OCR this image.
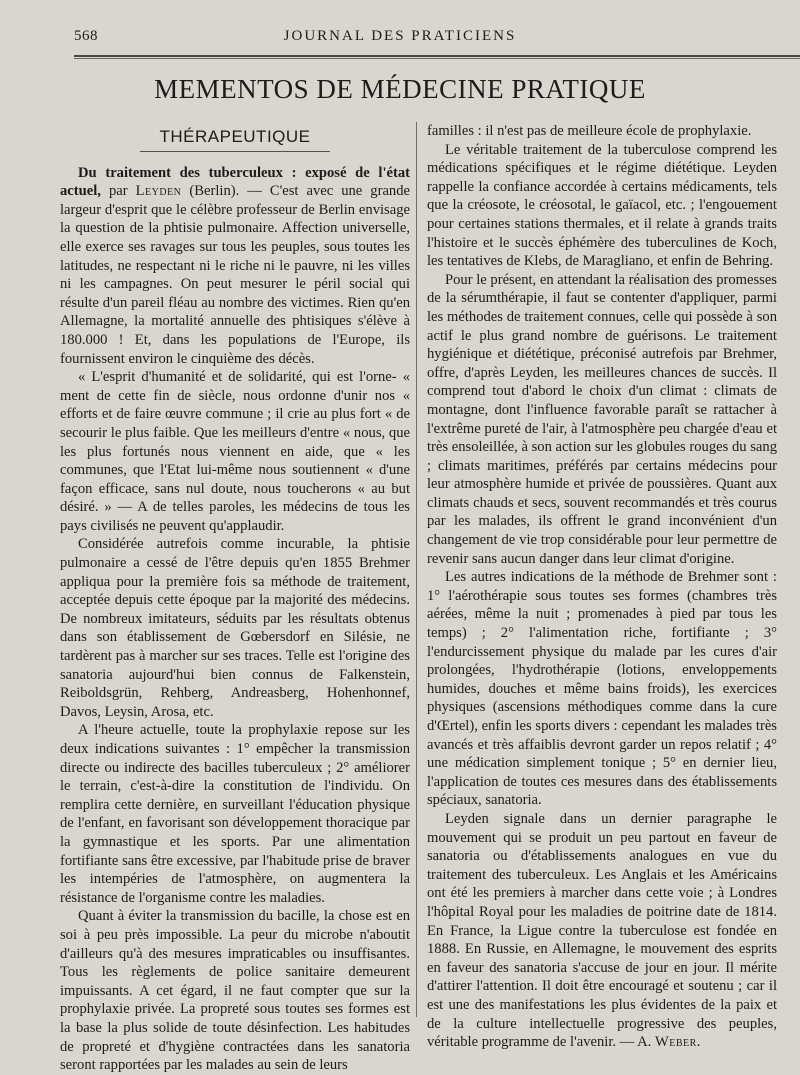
568	JOURNAL DES PRATICIENS
MEMENTOS DE MÉDECINE PRATIQUE
THÉRAPEUTIQUE

Du traitement des tuberculeux : exposé de l'état actuel, par Leyden (Berlin). — C'est avec une grande largeur d'esprit que le célèbre professeur de Berlin envisage la question de la phtisie pulmonaire. Affection universelle, elle exerce ses ravages sur tous les peuples, sous toutes les latitudes, ne respectant ni le riche ni le pauvre, ni les villes ni les campagnes. On peut mesurer le péril social qui résulte d'un pareil fléau au nombre des victimes. Rien qu'en Allemagne, la mortalité annuelle des phtisiques s'élève à 180.000 ! Et, dans les populations de l'Europe, ils fournissent environ le cinquième des décès.

« L'esprit d'humanité et de solidarité, qui est l'orne- « ment de cette fin de siècle, nous ordonne d'unir nos « efforts et de faire œuvre commune ; il crie au plus fort « de secourir le plus faible. Que les meilleurs d'entre « nous, que les plus fortunés nous viennent en aide, que « les communes, que l'Etat lui-même nous soutiennent « d'une façon efficace, sans nul doute, nous toucherons « au but désiré. » — A de telles paroles, les médecins de tous les pays civilisés ne peuvent qu'applaudir.

Considérée autrefois comme incurable, la phtisie pulmonaire a cessé de l'être depuis qu'en 1855 Brehmer appliqua pour la première fois sa méthode de traitement, acceptée depuis cette époque par la majorité des médecins. De nombreux imitateurs, séduits par les résultats obtenus dans son établissement de Gœbersdorf en Silésie, ne tardèrent pas à marcher sur ses traces. Telle est l'origine des sanatoria aujourd'hui bien connus de Falkenstein, Reiboldsgrün, Rehberg, Andreasberg, Hohenhonnef, Davos, Leysin, Arosa, etc.

A l'heure actuelle, toute la prophylaxie repose sur les deux indications suivantes : 1° empêcher la transmission directe ou indirecte des bacilles tuberculeux ; 2° améliorer le terrain, c'est-à-dire la constitution de l'individu. On remplira cette dernière, en surveillant l'éducation physique de l'enfant, en favorisant son développement thoracique par la gymnastique et les sports. Par une alimentation fortifiante sans être excessive, par l'habitude prise de braver les intempéries de l'atmosphère, on augmentera la résistance de l'organisme contre les maladies.

Quant à éviter la transmission du bacille, la chose est en soi à peu près impossible. La peur du microbe n'aboutit d'ailleurs qu'à des mesures impraticables ou insuffisantes. Tous les règlements de police sanitaire demeurent impuissants. A cet égard, il ne faut compter que sur la prophylaxie privée. La propreté sous toutes ses formes est la base la plus solide de toute désinfection. Les habitudes de propreté et d'hygiène contractées dans les sanatoria seront rapportées par les malades au sein de leurs

familles : il n'est pas de meilleure école de prophylaxie.

Le véritable traitement de la tuberculose comprend les médications spécifiques et le régime diététique. Leyden rappelle la confiance accordée à certains médicaments, tels que la créosote, le créosotal, le gaïacol, etc. ; l'engouement pour certaines stations thermales, et il relate à grands traits l'histoire et le succès éphémère des tuberculines de Koch, les tentatives de Klebs, de Maragliano, et enfin de Behring.

Pour le présent, en attendant la réalisation des promesses de la sérumthérapie, il faut se contenter d'appliquer, parmi les méthodes de traitement connues, celle qui possède à son actif le plus grand nombre de guérisons. Le traitement hygiénique et diététique, préconisé autrefois par Brehmer, offre, d'après Leyden, les meilleures chances de succès. Il comprend tout d'abord le choix d'un climat : climats de montagne, dont l'influence favorable paraît se rattacher à l'extrême pureté de l'air, à l'atmosphère peu chargée d'eau et très ensoleillée, à son action sur les globules rouges du sang ; climats maritimes, préférés par certains médecins pour leur atmosphère humide et privée de poussières. Quant aux climats chauds et secs, souvent recommandés et très courus par les malades, ils offrent le grand inconvénient d'un changement de vie trop considérable pour leur permettre de revenir sans aucun danger dans leur climat d'origine.

Les autres indications de la méthode de Brehmer sont : 1° l'aérothérapie sous toutes ses formes (chambres très aérées, même la nuit ; promenades à pied par tous les temps) ; 2° l'alimentation riche, fortifiante ; 3° l'endurcissement physique du malade par les cures d'air prolongées, l'hydrothérapie (lotions, enveloppements humides, douches et même bains froids), les exercices physiques (ascensions méthodiques comme dans la cure d'Œrtel), enfin les sports divers : cependant les malades très avancés et très affaiblis devront garder un repos relatif ; 4° une médication simplement tonique ; 5° en dernier lieu, l'application de toutes ces mesures dans des établissements spéciaux, sanatoria.

Leyden signale dans un dernier paragraphe le mouvement qui se produit un peu partout en faveur de sanatoria ou d'établissements analogues en vue du traitement des tuberculeux. Les Anglais et les Américains ont été les premiers à marcher dans cette voie ; à Londres l'hôpital Royal pour les maladies de poitrine date de 1814. En France, la Ligue contre la tuberculose est fondée en 1888. En Russie, en Allemagne, le mouvement des esprits en faveur des sanatoria s'accuse de jour en jour. Il mérite d'attirer l'attention. Il doit être encouragé et soutenu ; car il est une des manifestations les plus évidentes de la paix et de la culture intellectuelle progressive des peuples, véritable programme de l'avenir. — A. Weber.
